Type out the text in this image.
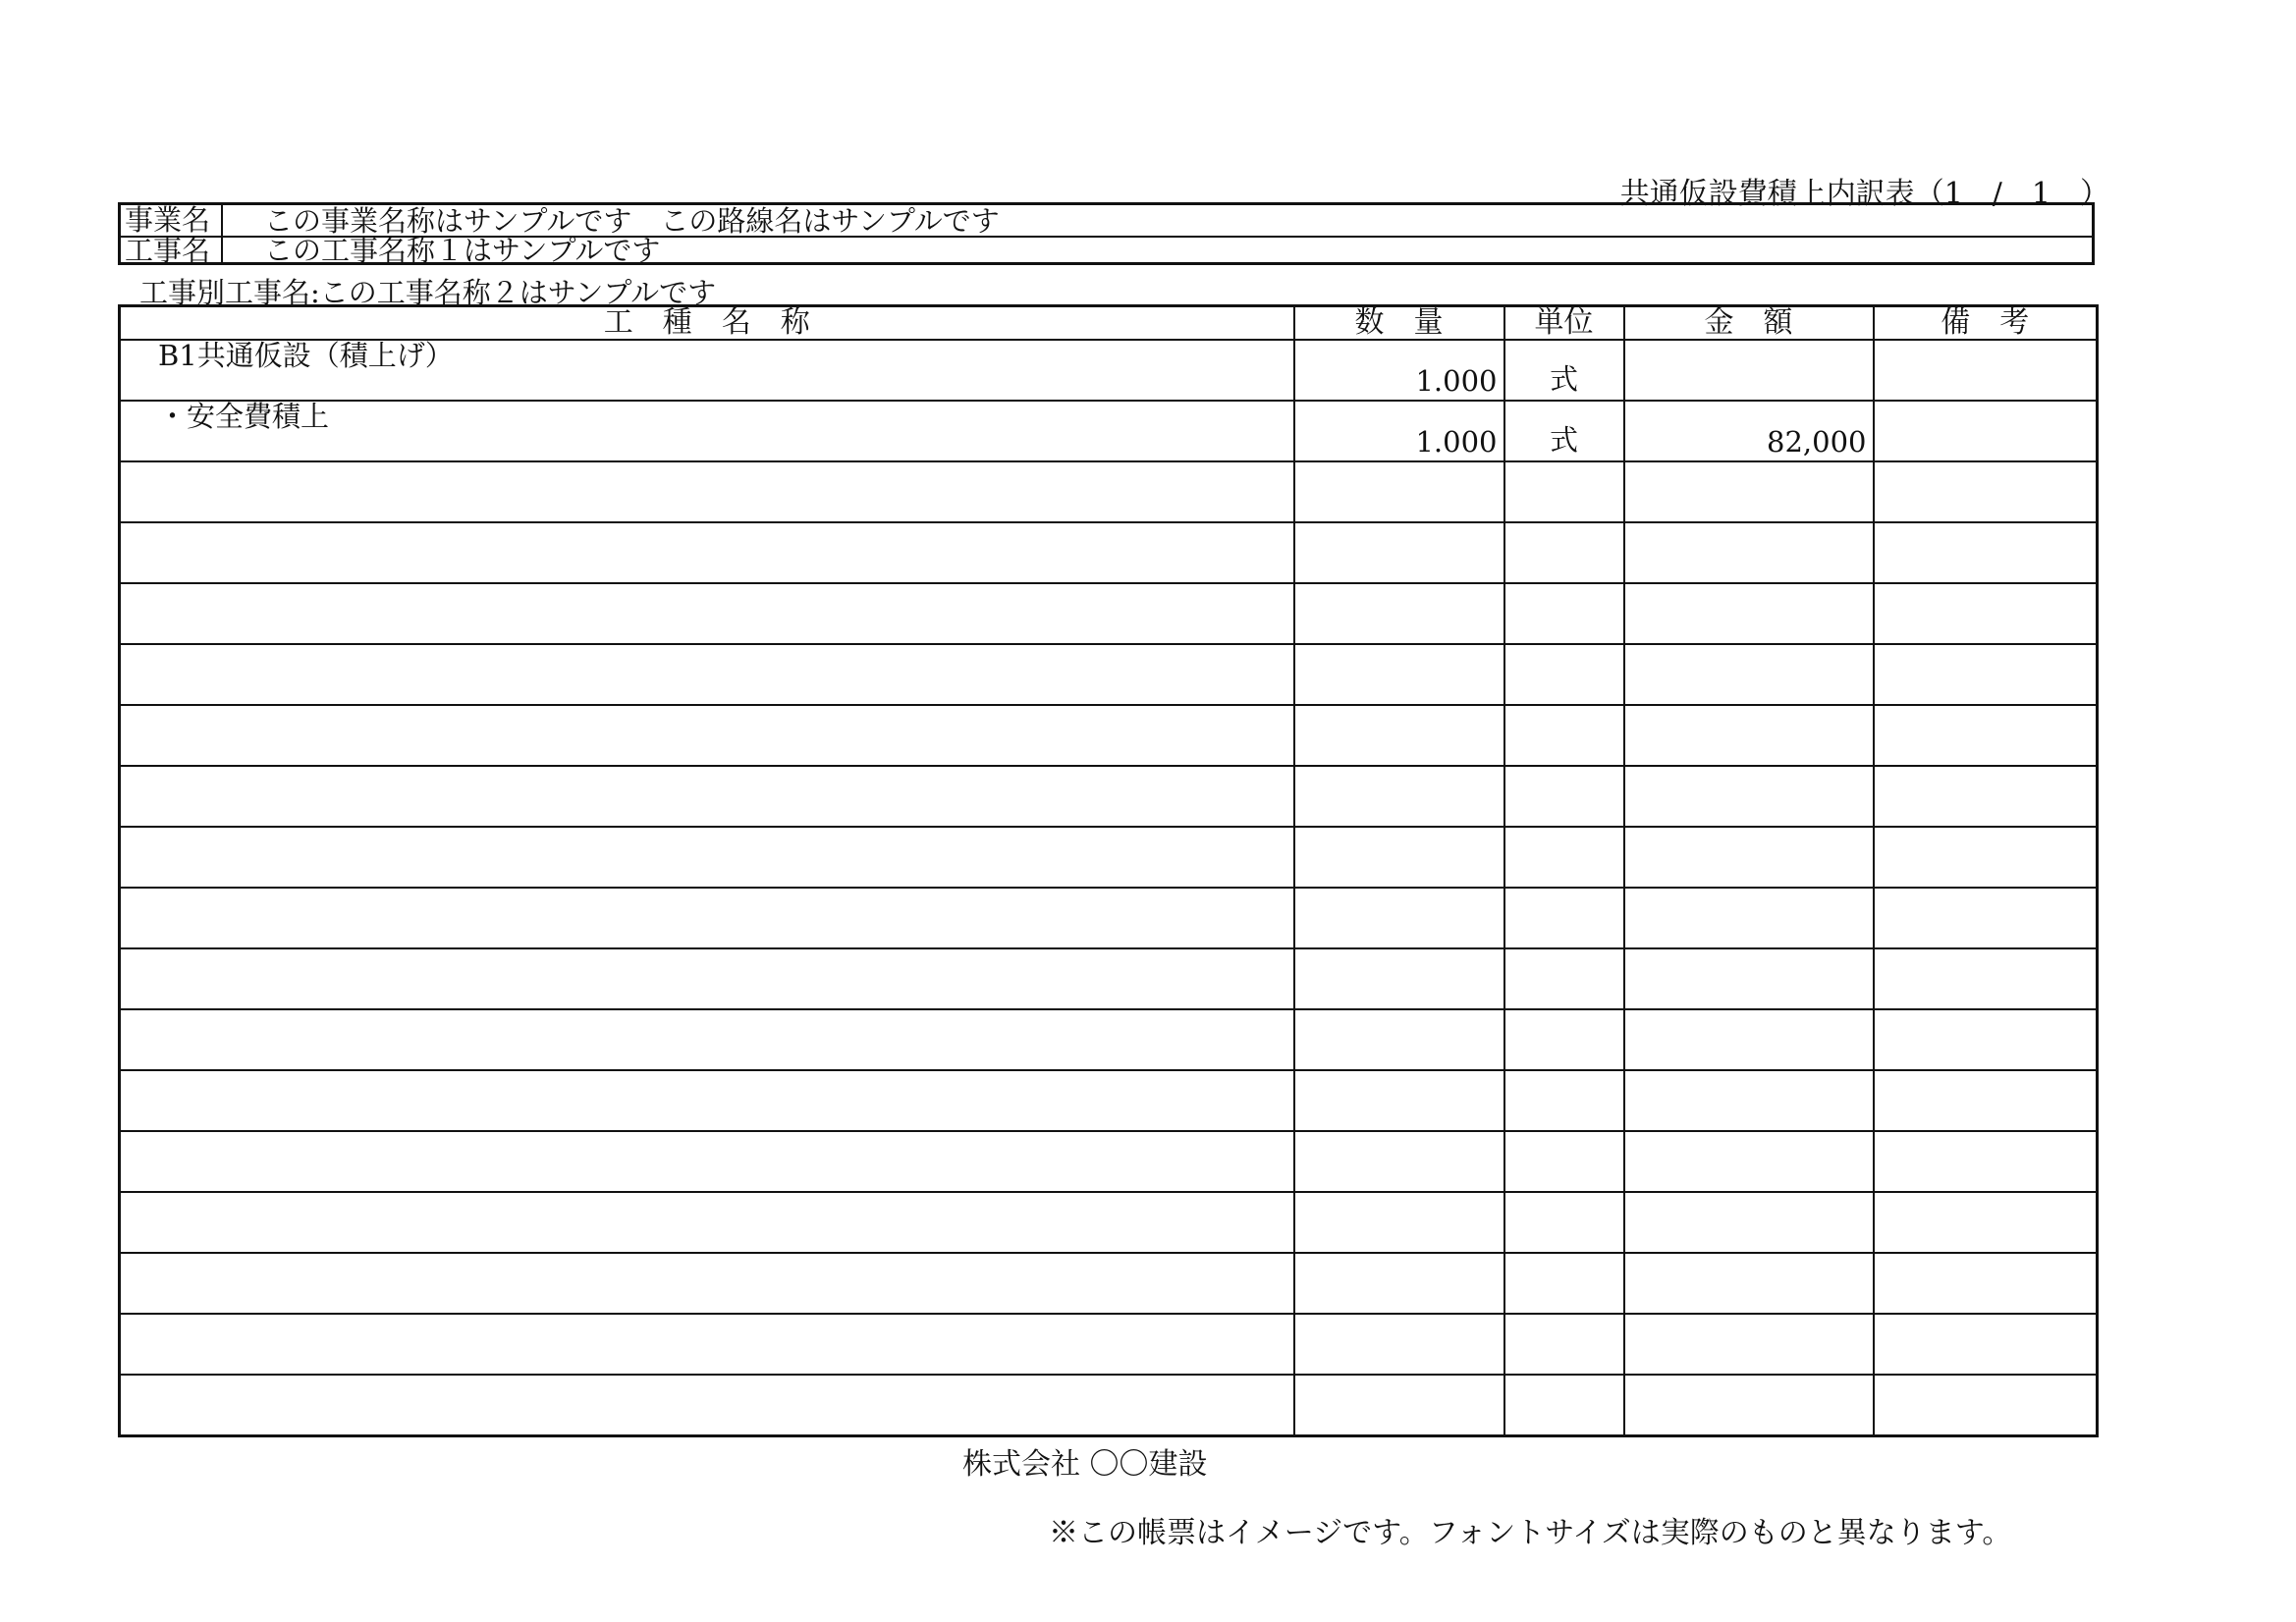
共通仮設費積上内訳表（1　/　1　）
事業名	この事業名称はサンプルです　この路線名はサンプルです
工事名	この工事名称１はサンプルです
工事別工事名:この工事名称２はサンプルです
工　種　名　称	数　量	単位	金　額	備　考

B1共通仮設（積上げ）	1.000	式		

・安全費積上	1.000	式	82,000	

株式会社 〇〇建設
※この帳票はイメージです。フォントサイズは実際のものと異なります。
